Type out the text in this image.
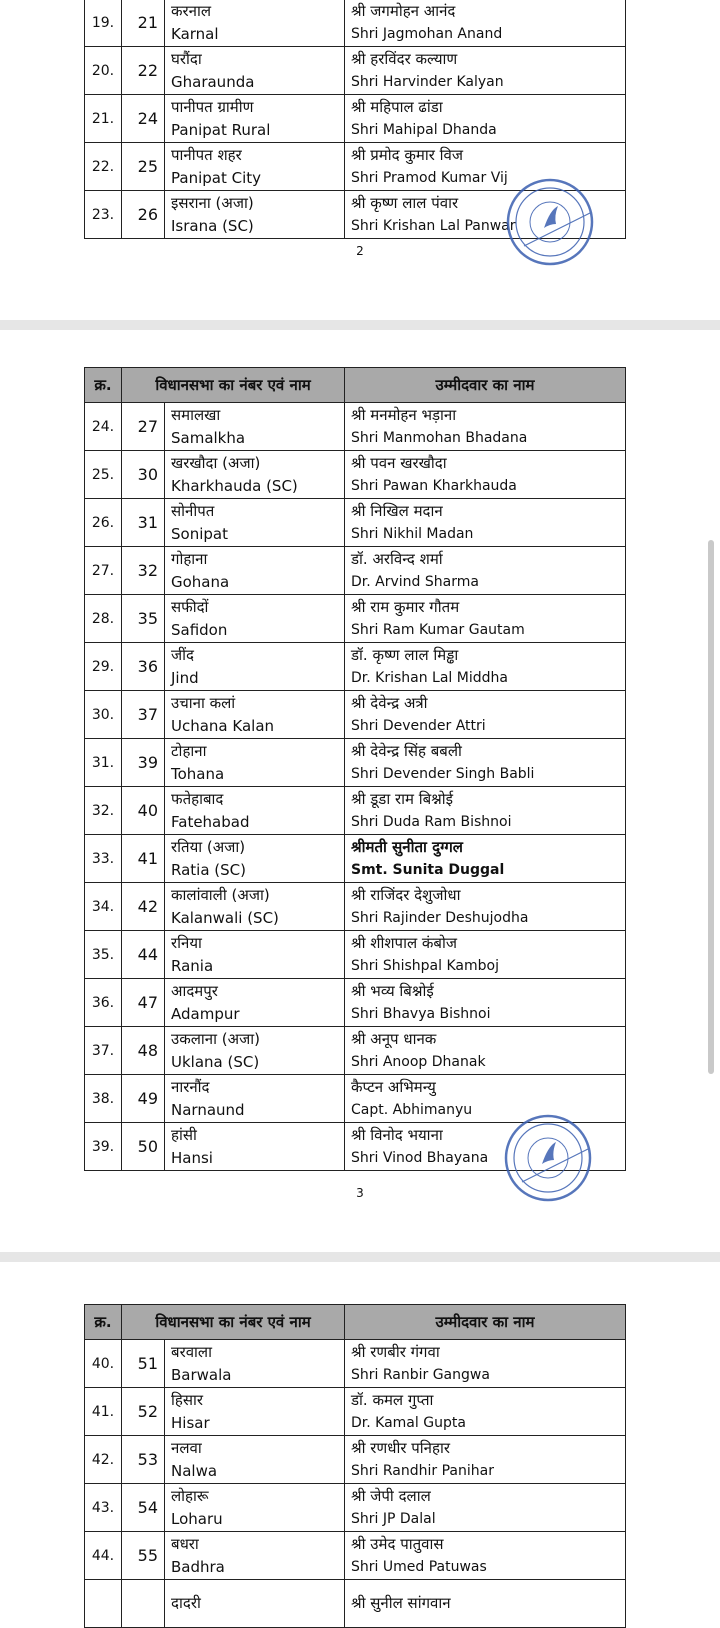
19.	21	करनाल
Karnal	श्री जगमोहन आनंद
Shri Jagmohan Anand

20.	22	घरौंदा
Gharaunda	श्री हरविंदर कल्याण
Shri Harvinder Kalyan

21.	24	पानीपत ग्रामीण
Panipat Rural	श्री महिपाल ढांडा
Shri Mahipal Dhanda

22.	25	पानीपत शहर
Panipat City	श्री प्रमोद कुमार विज
Shri Pramod Kumar Vij

23.	26	इसराना (अजा)
Israna (SC)	श्री कृष्ण लाल पंवार
Shri Krishan Lal Panwar
2
क्र.	विधानसभा का नंबर एवं नाम		उम्मीदवार का नाम
24.	27	समालखा
Samalkha	श्री मनमोहन भड़ाना
Shri Manmohan Bhadana

25.	30	खरखौदा (अजा)
Kharkhauda (SC)	श्री पवन खरखौदा
Shri Pawan Kharkhauda

26.	31	सोनीपत
Sonipat	श्री निखिल मदान
Shri Nikhil Madan

27.	32	गोहाना
Gohana	डॉ. अरविन्द शर्मा
Dr. Arvind Sharma

28.	35	सफीदों
Safidon	श्री राम कुमार गौतम
Shri Ram Kumar Gautam

29.	36	जींद
Jind	डॉ. कृष्ण लाल मिड्ढा
Dr. Krishan Lal Middha

30.	37	उचाना कलां
Uchana Kalan	श्री देवेन्द्र अत्री
Shri Devender Attri

31.	39	टोहाना
Tohana	श्री देवेन्द्र सिंह बबली
Shri Devender Singh Babli

32.	40	फतेहाबाद
Fatehabad	श्री डूडा राम बिश्नोई
Shri Duda Ram Bishnoi

33.	41	रतिया (अजा)
Ratia (SC)	श्रीमती सुनीता दुग्गल
Smt. Sunita Duggal

34.	42	कालांवाली (अजा)
Kalanwali (SC)	श्री राजिंदर देशुजोधा
Shri Rajinder Deshujodha

35.	44	रनिया
Rania	श्री शीशपाल कंबोज
Shri Shishpal Kamboj

36.	47	आदमपुर
Adampur	श्री भव्य बिश्नोई
Shri Bhavya Bishnoi

37.	48	उकलाना (अजा)
Uklana (SC)	श्री अनूप धानक
Shri Anoop Dhanak

38.	49	नारनौंद
Narnaund	कैप्टन अभिमन्यु
Capt. Abhimanyu

39.	50	हांसी
Hansi	श्री विनोद भयाना
Shri Vinod Bhayana
3
क्र.	विधानसभा का नंबर एवं नाम		उम्मीदवार का नाम
40.	51	बरवाला
Barwala	श्री रणबीर गंगवा
Shri Ranbir Gangwa

41.	52	हिसार
Hisar	डॉ. कमल गुप्ता
Dr. Kamal Gupta

42.	53	नलवा
Nalwa	श्री रणधीर पनिहार
Shri Randhir Panihar

43.	54	लोहारू
Loharu	श्री जेपी दलाल
Shri JP Dalal

44.	55	बधरा
Badhra	श्री उमेद पातुवास
Shri Umed Patuwas

		दादरी	श्री सुनील सांगवान
